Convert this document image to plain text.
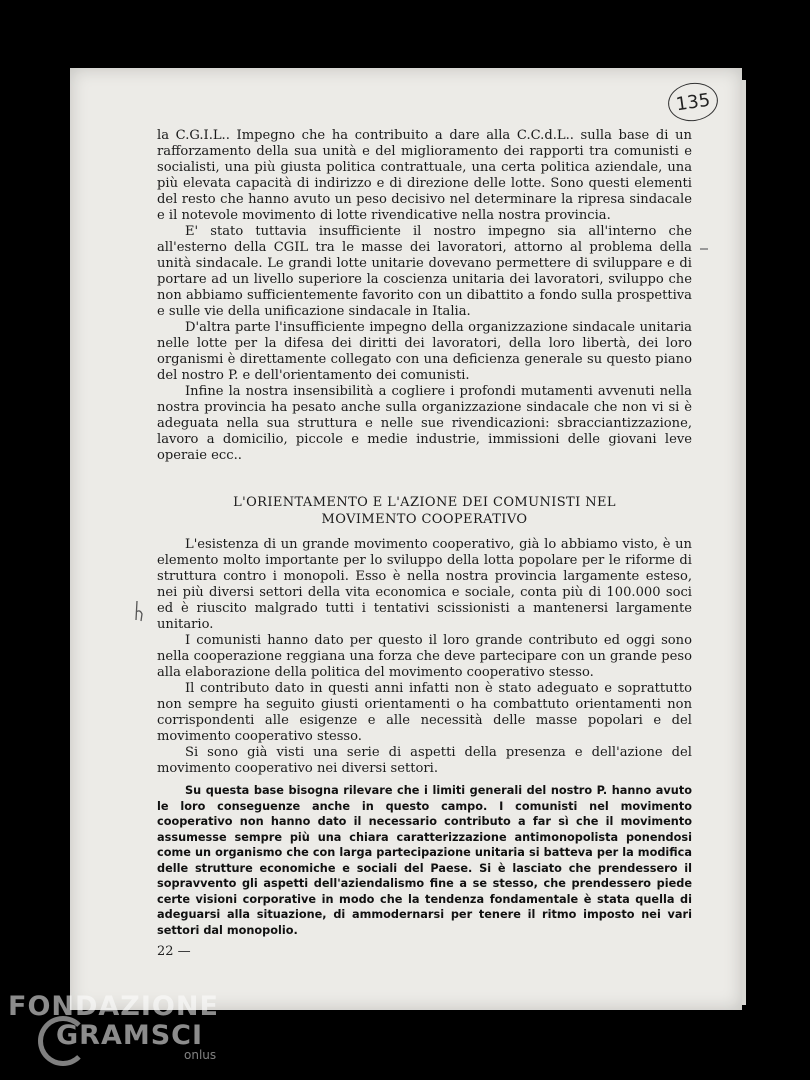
135

la C.G.I.L.. Impegno che ha contribuito a dare alla C.C.d.L.. sulla base di un rafforzamento della sua unità e del miglioramento dei rapporti tra comunisti e socialisti, una più giusta politica contrattuale, una certa politica aziendale, una più elevata capacità di indirizzo e di direzione delle lotte. Sono questi elementi del resto che hanno avuto un peso decisivo nel determinare la ripresa sindacale e il notevole movimento di lotte rivendicative nella nostra provincia.

E' stato tuttavia insufficiente il nostro impegno sia all'interno che all'esterno della CGIL tra le masse dei lavoratori, attorno al problema della unità sindacale. Le grandi lotte unitarie dovevano permettere di sviluppare e di portare ad un livello superiore la coscienza unitaria dei lavoratori, sviluppo che non abbiamo sufficientemente favorito con un dibattito a fondo sulla prospettiva e sulle vie della unificazione sindacale in Italia.

D'altra parte l'insufficiente impegno della organizzazione sindacale unitaria nelle lotte per la difesa dei diritti dei lavoratori, della loro libertà, dei loro organismi è direttamente collegato con una deficienza generale su questo piano del nostro P. e dell'orientamento dei comunisti.

Infine la nostra insensibilità a cogliere i profondi mutamenti avvenuti nella nostra provincia ha pesato anche sulla organizzazione sindacale che non vi si è adeguata nella sua struttura e nelle sue rivendicazioni: sbracciantizzazione, lavoro a domicilio, piccole e medie industrie, immissioni delle giovani leve operaie ecc..

L'ORIENTAMENTO E L'AZIONE DEI COMUNISTI NEL
MOVIMENTO COOPERATIVO

L'esistenza di un grande movimento cooperativo, già lo abbiamo visto, è un elemento molto importante per lo sviluppo della lotta popolare per le riforme di struttura contro i monopoli. Esso è nella nostra provincia largamente esteso, nei più diversi settori della vita economica e sociale, conta più di 100.000 soci ed è riuscito malgrado tutti i tentativi scissionisti a mantenersi largamente unitario.

I comunisti hanno dato per questo il loro grande contributo ed oggi sono nella cooperazione reggiana una forza che deve partecipare con un grande peso alla elaborazione della politica del movimento cooperativo stesso.

Il contributo dato in questi anni infatti non è stato adeguato e soprattutto non sempre ha seguito giusti orientamenti o ha combattuto orientamenti non corrispondenti alle esigenze e alle necessità delle masse popolari e del movimento cooperativo stesso.

Si sono già visti una serie di aspetti della presenza e dell'azione del movimento cooperativo nei diversi settori.

Su questa base bisogna rilevare che i limiti generali del nostro P. hanno avuto le loro conseguenze anche in questo campo. I comunisti nel movimento cooperativo non hanno dato il necessario contributo a far sì che il movimento assumesse sempre più una chiara caratterizzazione antimonopolista ponendosi come un organismo che con larga partecipazione unitaria si batteva per la modifica delle strutture economiche e sociali del Paese. Si è lasciato che prendessero il sopravvento gli aspetti dell'aziendalismo fine a se stesso, che prendessero piede certe visioni corporative in modo che la tendenza fondamentale è stata quella di adeguarsi alla situazione, di ammodernarsi per tenere il ritmo imposto nei vari settori dal monopolio.

22 —
FONDAZIONE
GRAMSCI
onlus
